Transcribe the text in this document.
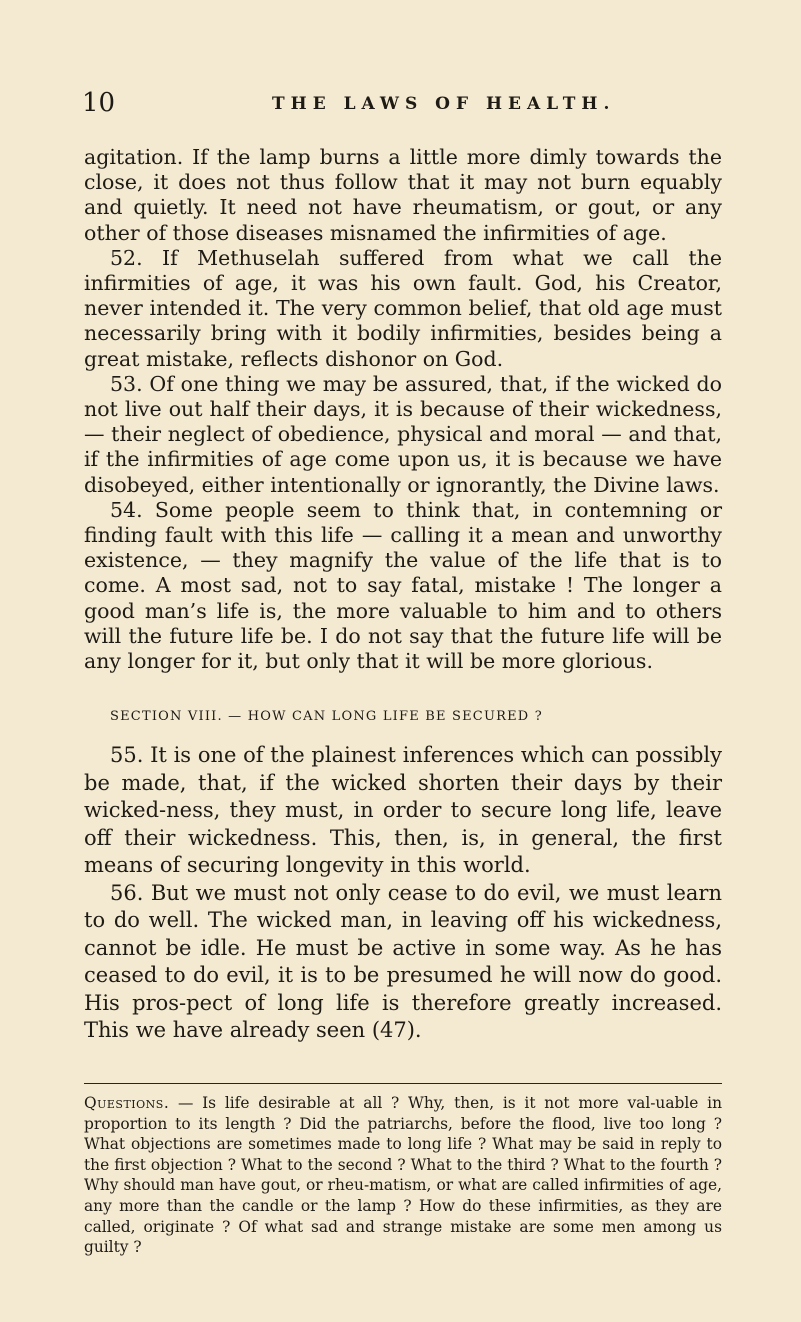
10	THE LAWS OF HEALTH.

agitation. If the lamp burns a little more dimly towards the close, it does not thus follow that it may not burn equably and quietly. It need not have rheumatism, or gout, or any other of those diseases misnamed the infirmities of age.

52. If Methuselah suffered from what we call the infirmities of age, it was his own fault. God, his Creator, never intended it. The very common belief, that old age must necessarily bring with it bodily infirmities, besides being a great mistake, reflects dishonor on God.

53. Of one thing we may be assured, that, if the wicked do not live out half their days, it is because of their wickedness, — their neglect of obedience, physical and moral — and that, if the infirmities of age come upon us, it is because we have disobeyed, either intentionally or ignorantly, the Divine laws.

54. Some people seem to think that, in contemning or finding fault with this life — calling it a mean and unworthy existence, — they magnify the value of the life that is to come. A most sad, not to say fatal, mistake ! The longer a good man’s life is, the more valuable to him and to others will the future life be. I do not say that the future life will be any longer for it, but only that it will be more glorious.

SECTION VIII. — HOW CAN LONG LIFE BE SECURED ?

55. It is one of the plainest inferences which can possibly be made, that, if the wicked shorten their days by their wicked-ness, they must, in order to secure long life, leave off their wickedness. This, then, is, in general, the first means of securing longevity in this world.

56. But we must not only cease to do evil, we must learn to do well. The wicked man, in leaving off his wickedness, cannot be idle. He must be active in some way. As he has ceased to do evil, it is to be presumed he will now do good. His pros-pect of long life is therefore greatly increased. This we have already seen (47).

Questions. — Is life desirable at all ? Why, then, is it not more val-uable in proportion to its length ? Did the patriarchs, before the flood, live too long ? What objections are sometimes made to long life ? What may be said in reply to the first objection ? What to the second ? What to the third ? What to the fourth ? Why should man have gout, or rheu-matism, or what are called infirmities of age, any more than the candle or the lamp ? How do these infirmities, as they are called, originate ? Of what sad and strange mistake are some men among us guilty ?
